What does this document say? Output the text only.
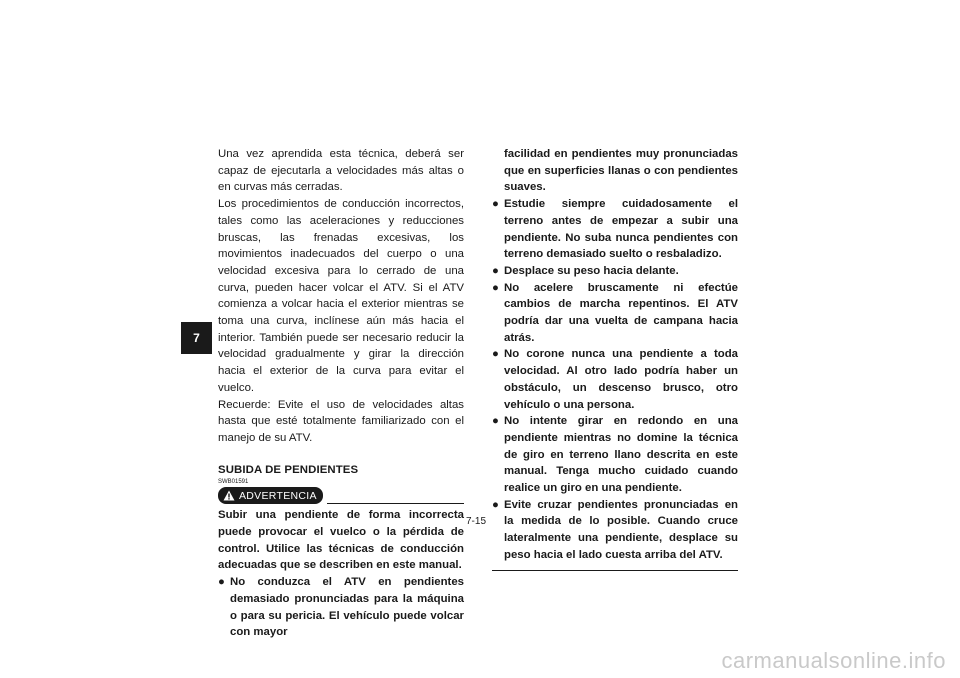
7

Una vez aprendida esta técnica, deberá ser capaz de ejecutarla a velocidades más altas o en curvas más cerradas.

Los procedimientos de conducción incorrectos, tales como las aceleraciones y reducciones bruscas, las frenadas excesivas, los movimientos inadecuados del cuerpo o una velocidad excesiva para lo cerrado de una curva, pueden hacer volcar el ATV. Si el ATV comienza a volcar hacia el exterior mientras se toma una curva, inclínese aún más hacia el interior. También puede ser necesario reducir la velocidad gradualmente y girar la dirección hacia el exterior de la curva para evitar el vuelco.

Recuerde: Evite el uso de velocidades altas hasta que esté totalmente familiarizado con el manejo de su ATV.

SUBIDA DE PENDIENTES
SWB01591
ADVERTENCIA

Subir una pendiente de forma incorrecta puede provocar el vuelco o la pérdida de control. Utilice las técnicas de conducción adecuadas que se describen en este manual.

● No conduzca el ATV en pendientes demasiado pronunciadas para la máquina o para su pericia. El vehículo puede volcar con mayor

facilidad en pendientes muy pronunciadas que en superficies llanas o con pendientes suaves.

● Estudie siempre cuidadosamente el terreno antes de empezar a subir una pendiente. No suba nunca pendientes con terreno demasiado suelto o resbaladizo.
● Desplace su peso hacia delante.
● No acelere bruscamente ni efectúe cambios de marcha repentinos. El ATV podría dar una vuelta de campana hacia atrás.
● No corone nunca una pendiente a toda velocidad. Al otro lado podría haber un obstáculo, un descenso brusco, otro vehículo o una persona.
● No intente girar en redondo en una pendiente mientras no domine la técnica de giro en terreno llano descrita en este manual. Tenga mucho cuidado cuando realice un giro en una pendiente.
● Evite cruzar pendientes pronunciadas en la medida de lo posible. Cuando cruce lateralmente una pendiente, desplace su peso hacia el lado cuesta arriba del ATV.
7-15
carmanualsonline.info
